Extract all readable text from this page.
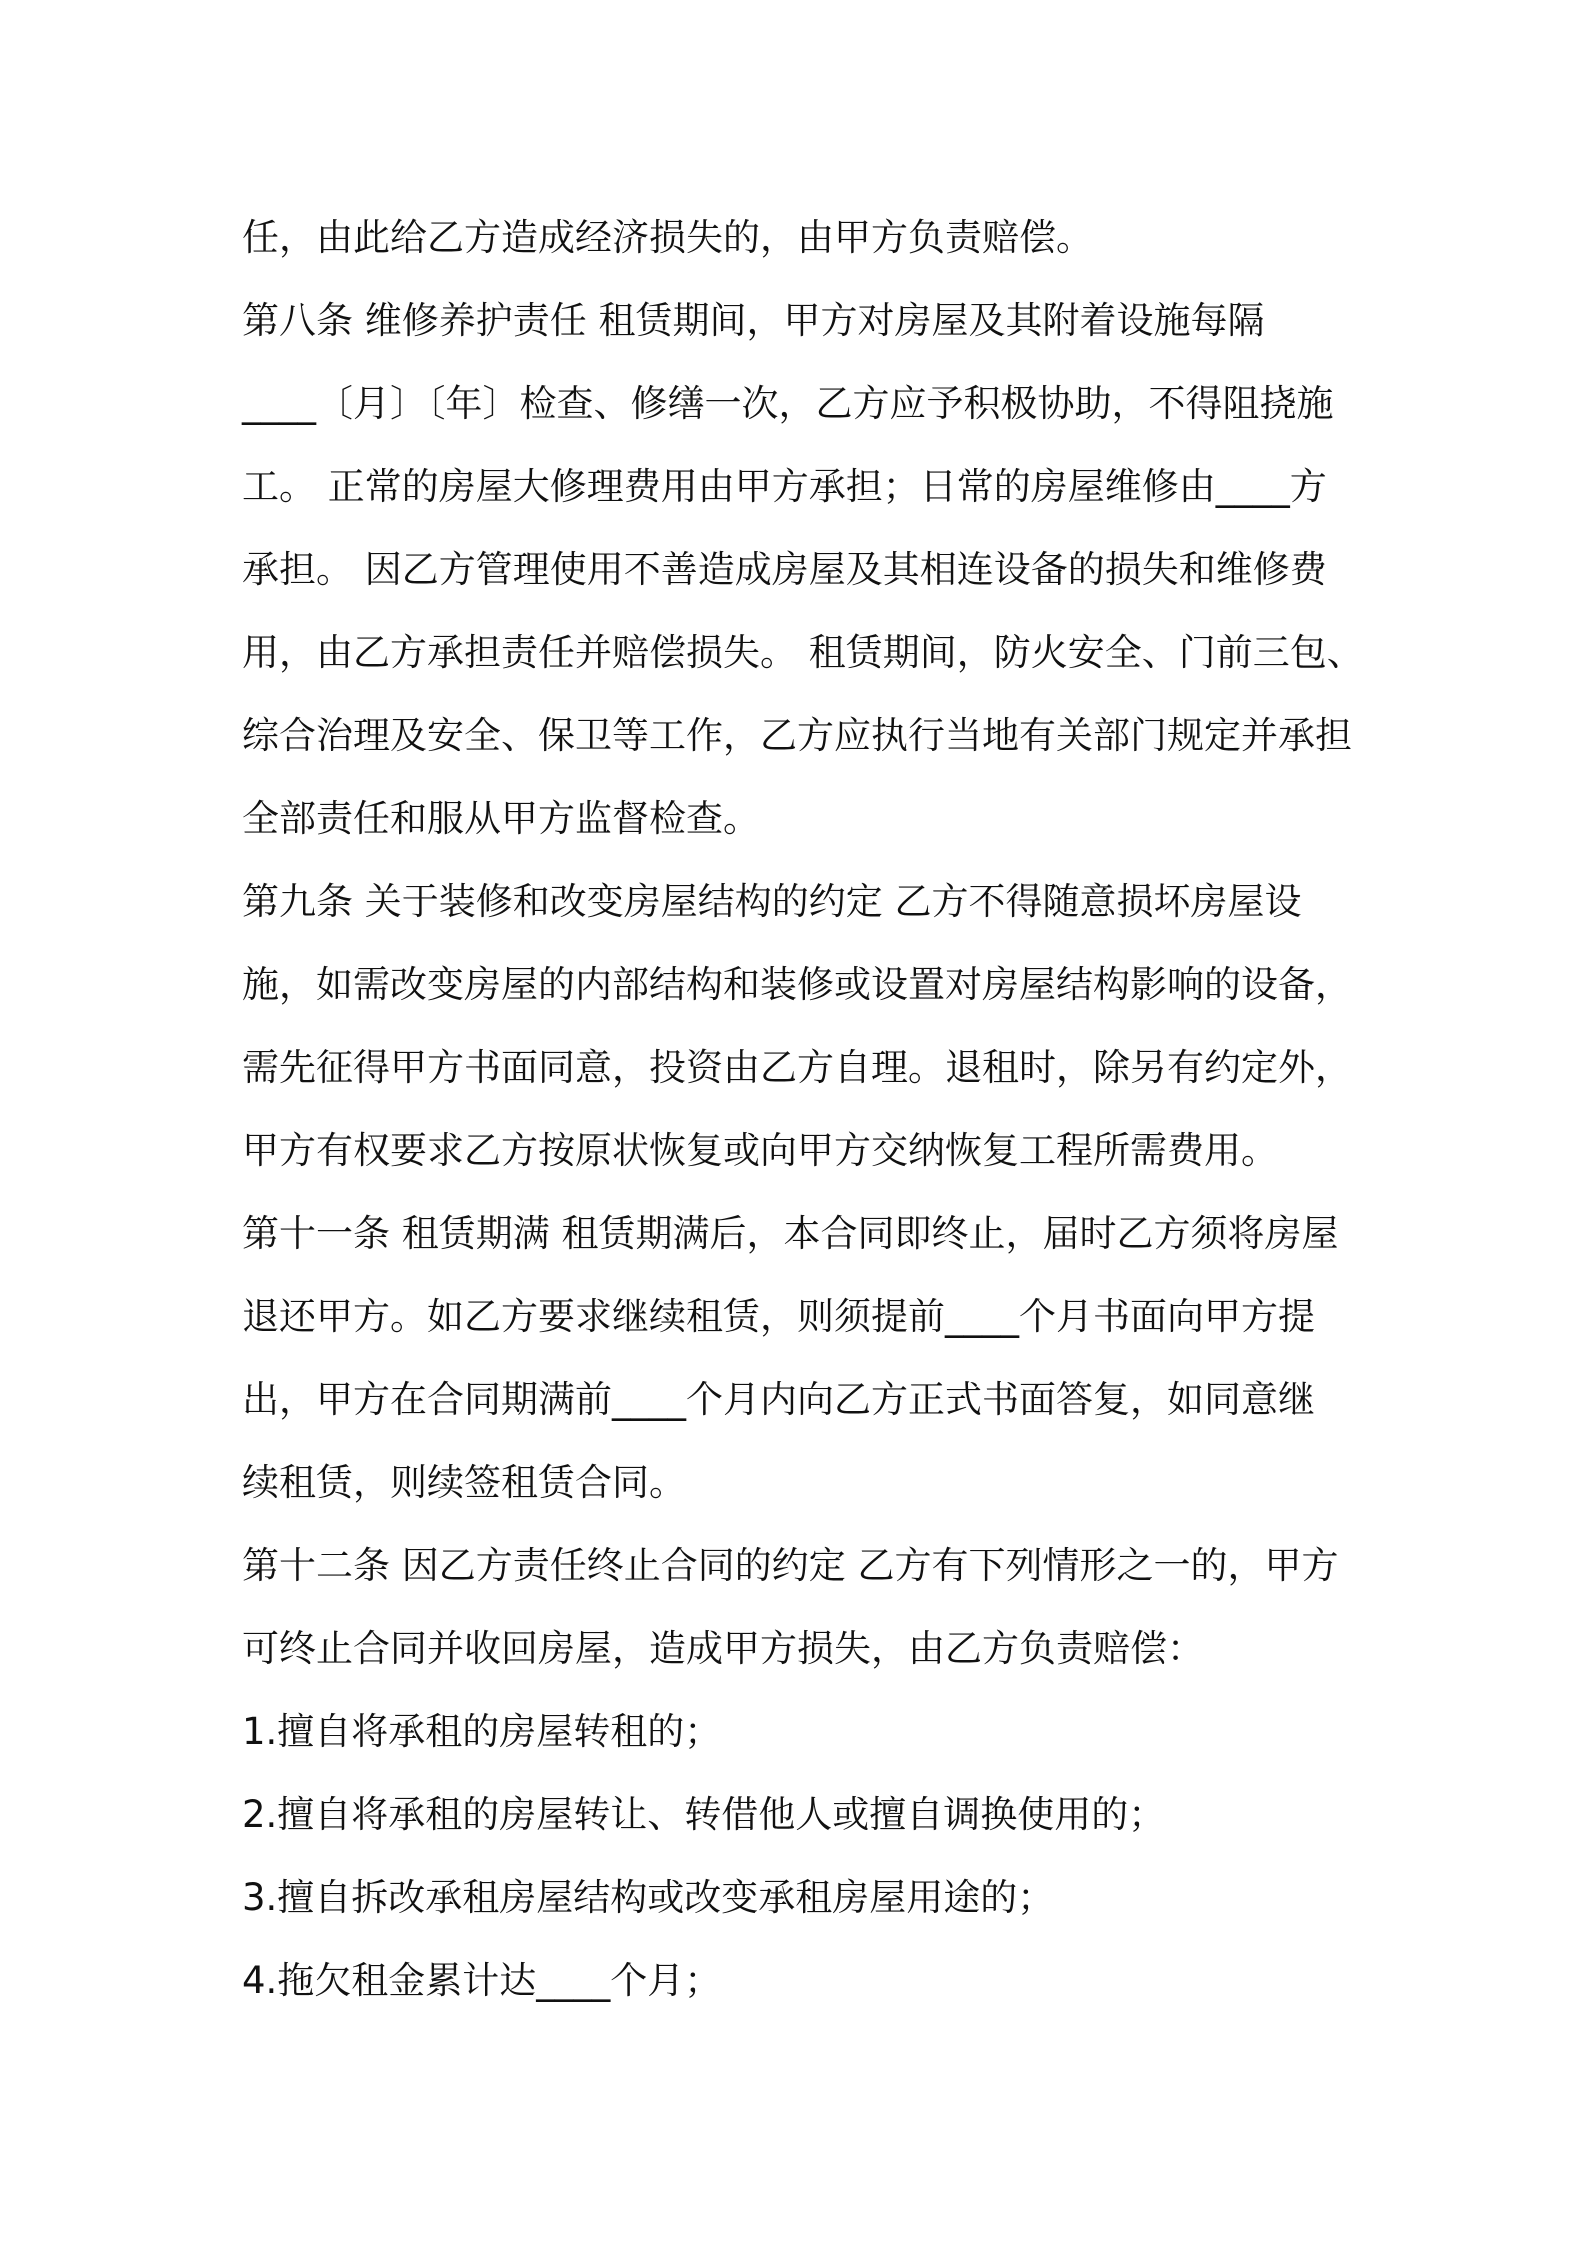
任，由此给乙方造成经济损失的，由甲方负责赔偿。
第八条 维修养护责任 租赁期间，甲方对房屋及其附着设施每隔
____〔月〕〔年〕检查、修缮一次，乙方应予积极协助，不得阻挠施
工。 正常的房屋大修理费用由甲方承担；日常的房屋维修由____方
承担。 因乙方管理使用不善造成房屋及其相连设备的损失和维修费
用，由乙方承担责任并赔偿损失。 租赁期间，防火安全、门前三包、
综合治理及安全、保卫等工作，乙方应执行当地有关部门规定并承担
全部责任和服从甲方监督检查。
第九条 关于装修和改变房屋结构的约定 乙方不得随意损坏房屋设
施，如需改变房屋的内部结构和装修或设置对房屋结构影响的设备，
需先征得甲方书面同意，投资由乙方自理。退租时，除另有约定外，
甲方有权要求乙方按原状恢复或向甲方交纳恢复工程所需费用。
第十一条 租赁期满 租赁期满后，本合同即终止，届时乙方须将房屋
退还甲方。如乙方要求继续租赁，则须提前____个月书面向甲方提
出，甲方在合同期满前____个月内向乙方正式书面答复，如同意继
续租赁，则续签租赁合同。
第十二条 因乙方责任终止合同的约定 乙方有下列情形之一的，甲方
可终止合同并收回房屋，造成甲方损失，由乙方负责赔偿：
1.擅自将承租的房屋转租的；
2.擅自将承租的房屋转让、转借他人或擅自调换使用的；
3.擅自拆改承租房屋结构或改变承租房屋用途的；
4.拖欠租金累计达____个月；
